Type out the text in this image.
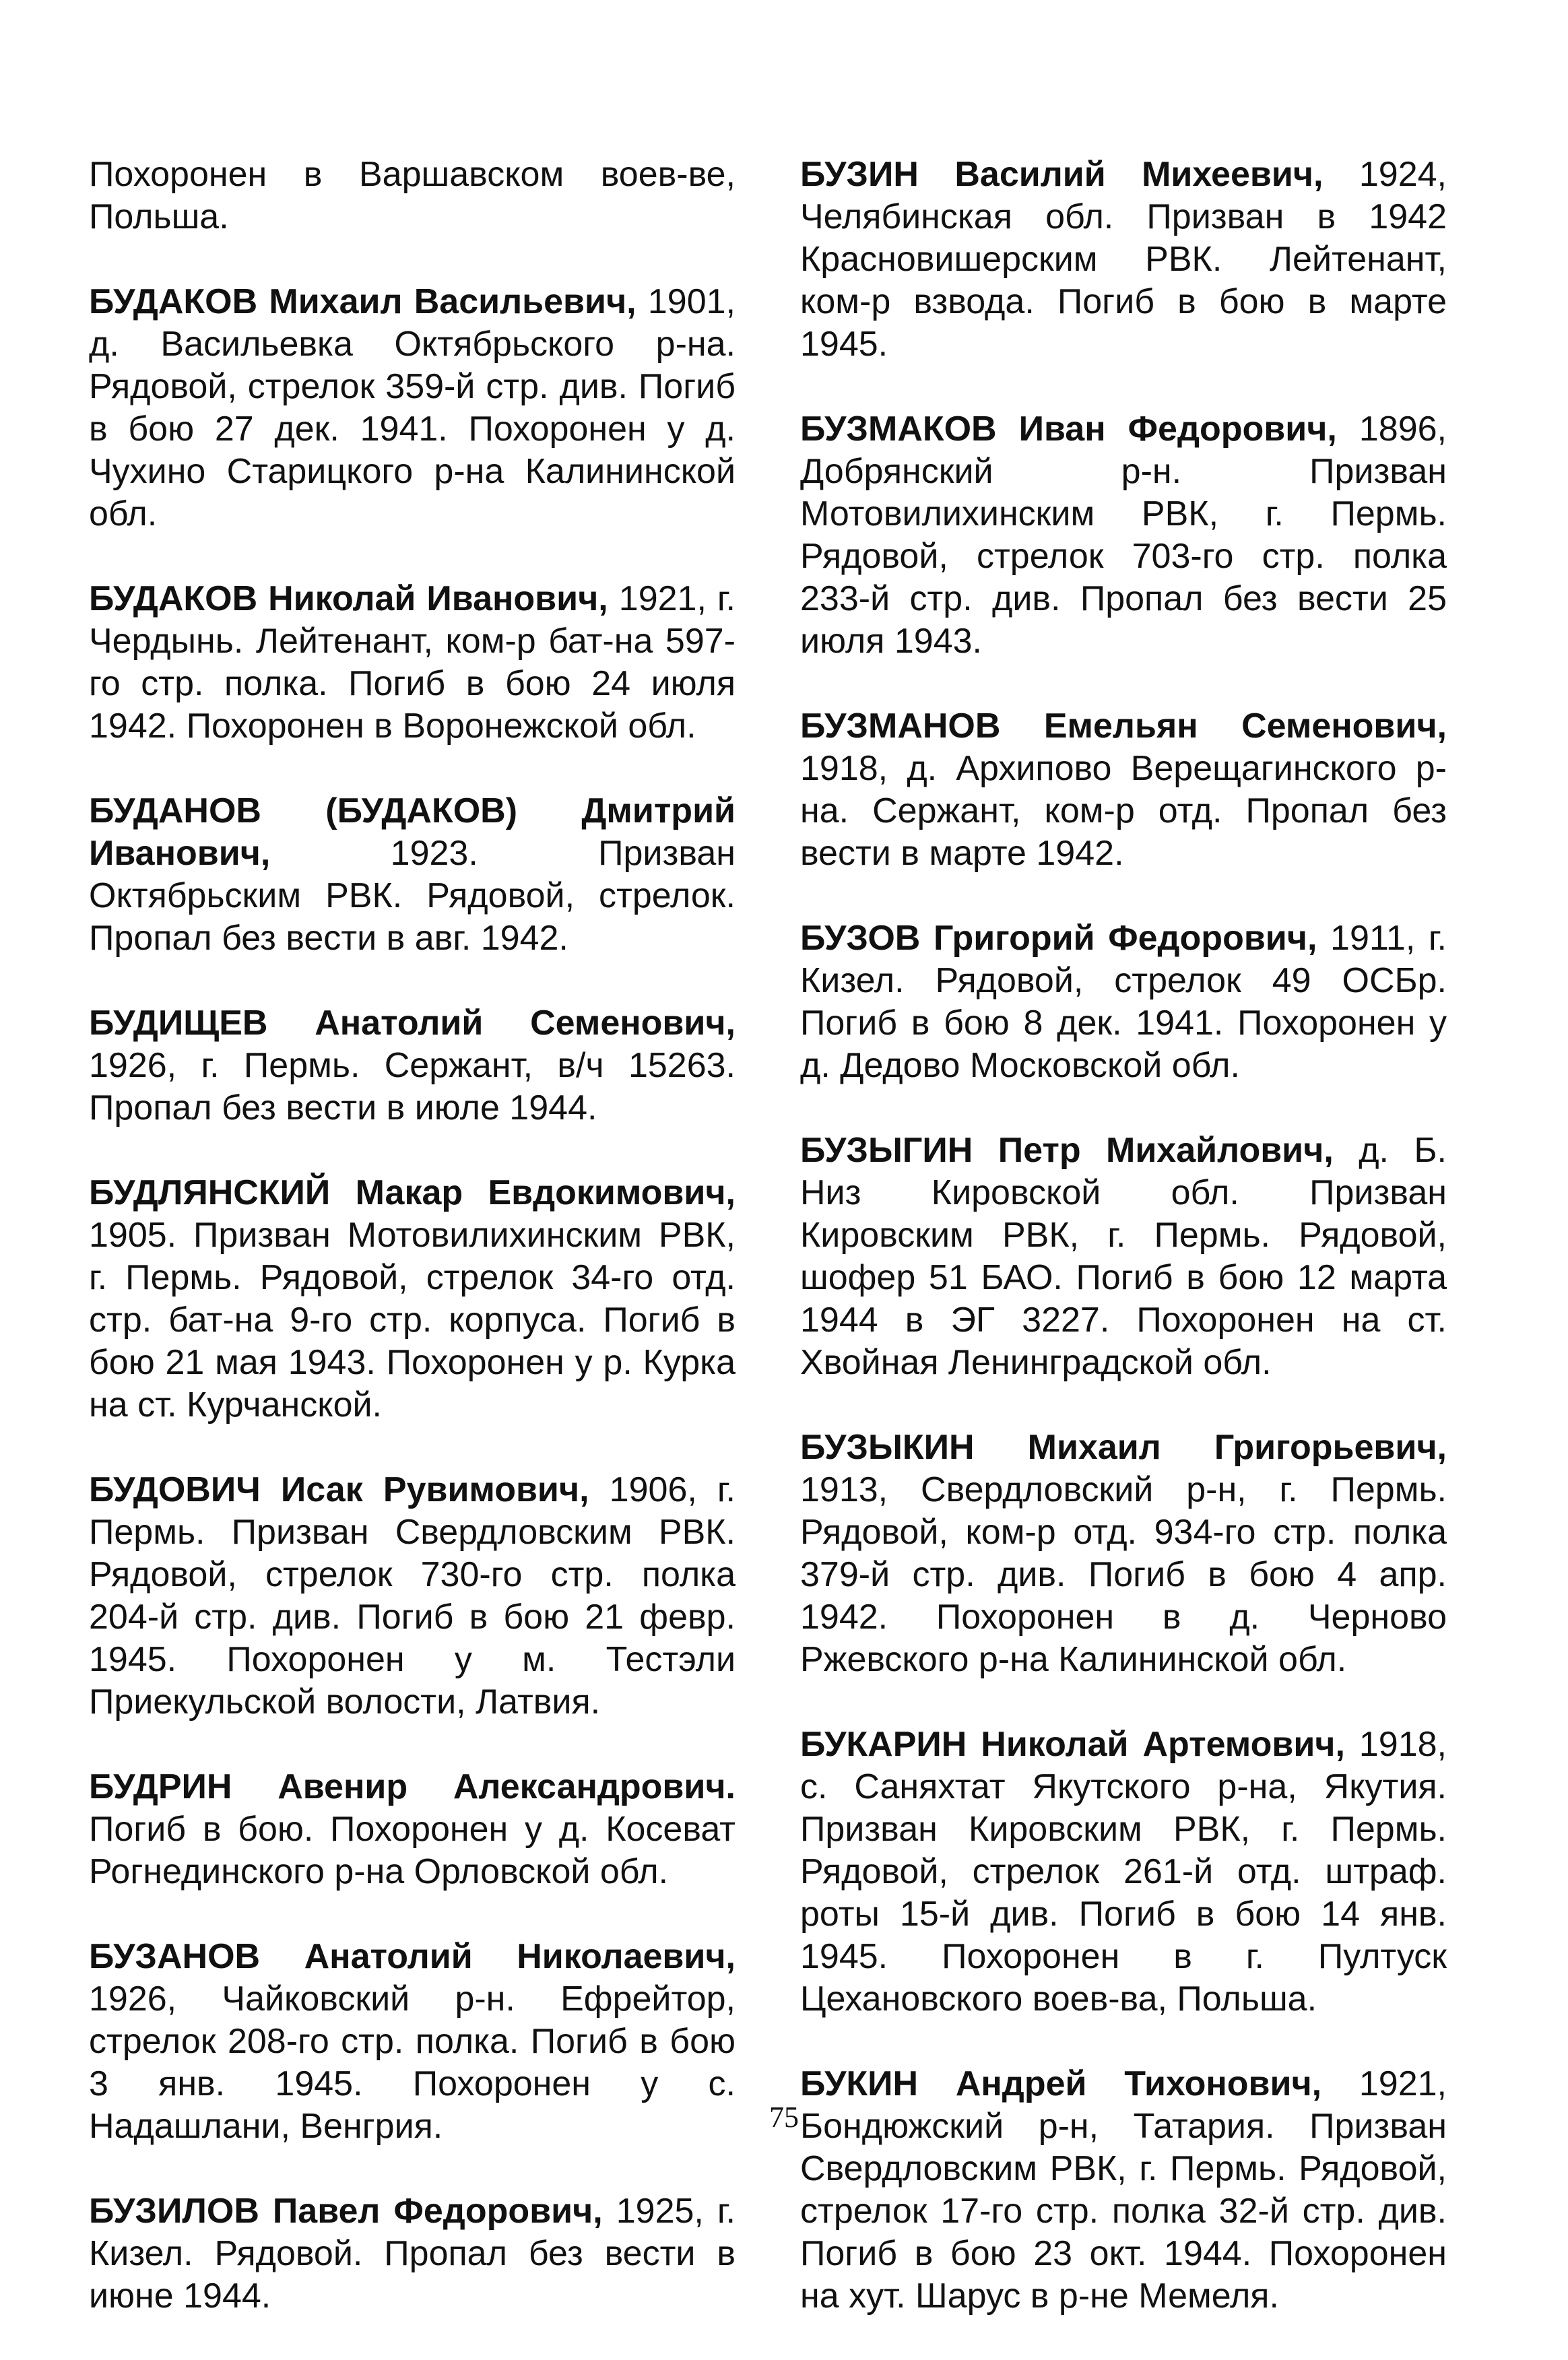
Похоронен в Варшавском воев-ве, Польша.

БУДАКОВ Михаил Васильевич, 1901, д. Васильевка Октябрьского р-на. Рядовой, стрелок 359-й стр. див. Погиб в бою 27 дек. 1941. Похоронен у д. Чухино Старицкого р-на Калининской обл.

БУДАКОВ Николай Иванович, 1921, г. Чердынь. Лейтенант, ком-р бат-на 597-го стр. полка. Погиб в бою 24 июля 1942. Похоронен в Воронежской обл.

БУДАНОВ (БУДАКОВ) Дмитрий Иванович, 1923. Призван Октябрьским РВК. Рядовой, стрелок. Пропал без вести в авг. 1942.

БУДИЩЕВ Анатолий Семенович, 1926, г. Пермь. Сержант, в/ч 15263. Пропал без вести в июле 1944.

БУДЛЯНСКИЙ Макар Евдокимович, 1905. Призван Мотовилихинским РВК, г. Пермь. Рядовой, стрелок 34-го отд. стр. бат-на 9-го стр. корпуса. Погиб в бою 21 мая 1943. Похоронен у р. Курка на ст. Курчанской.

БУДОВИЧ Исак Рувимович, 1906, г. Пермь. Призван Свердловским РВК. Рядовой, стрелок 730-го стр. полка 204-й стр. див. Погиб в бою 21 февр. 1945. Похоронен у м. Тестэли Приекульской волости, Латвия.

БУДРИН Авенир Александрович. Погиб в бою. Похоронен у д. Косеват Рогнединского р-на Орловской обл.

БУЗАНОВ Анатолий Николаевич, 1926, Чайковский р-н. Ефрейтор, стрелок 208-го стр. полка. Погиб в бою 3 янв. 1945. Похоронен у с. Надашлани, Венгрия.

БУЗИЛОВ Павел Федорович, 1925, г. Кизел. Рядовой. Пропал без вести в июне 1944.

БУЗИН Василий Михеевич, 1924, Челябинская обл. Призван в 1942 Красновишерским РВК. Лейтенант, ком-р взвода. Погиб в бою в марте 1945.

БУЗМАКОВ Иван Федорович, 1896, Добрянский р-н. Призван Мотовилихинским РВК, г. Пермь. Рядовой, стрелок 703-го стр. полка 233-й стр. див. Пропал без вести 25 июля 1943.

БУЗМАНОВ Емельян Семенович, 1918, д. Архипово Верещагинского р-на. Сержант, ком-р отд. Пропал без вести в марте 1942.

БУЗОВ Григорий Федорович, 1911, г. Кизел. Рядовой, стрелок 49 ОСБр. Погиб в бою 8 дек. 1941. Похоронен у д. Дедово Московской обл.

БУЗЫГИН Петр Михайлович, д. Б. Низ Кировской обл. Призван Кировским РВК, г. Пермь. Рядовой, шофер 51 БАО. Погиб в бою 12 марта 1944 в ЭГ 3227. Похоронен на ст. Хвойная Ленинградской обл.

БУЗЫКИН Михаил Григорьевич, 1913, Свердловский р-н, г. Пермь. Рядовой, ком-р отд. 934-го стр. полка 379-й стр. див. Погиб в бою 4 апр. 1942. Похоронен в д. Черново Ржевского р-на Калининской обл.

БУКАРИН Николай Артемович, 1918, с. Саняхтат Якутского р-на, Якутия. Призван Кировским РВК, г. Пермь. Рядовой, стрелок 261-й отд. штраф. роты 15-й див. Погиб в бою 14 янв. 1945. Похоронен в г. Пултуск Цехановского воев-ва, Польша.

БУКИН Андрей Тихонович, 1921, Бондюжский р-н, Татария. Призван Свердловским РВК, г. Пермь. Рядовой, стрелок 17-го стр. полка 32-й стр. див. Погиб в бою 23 окт. 1944. Похоронен на хут. Шарус в р-не Мемеля.

75
